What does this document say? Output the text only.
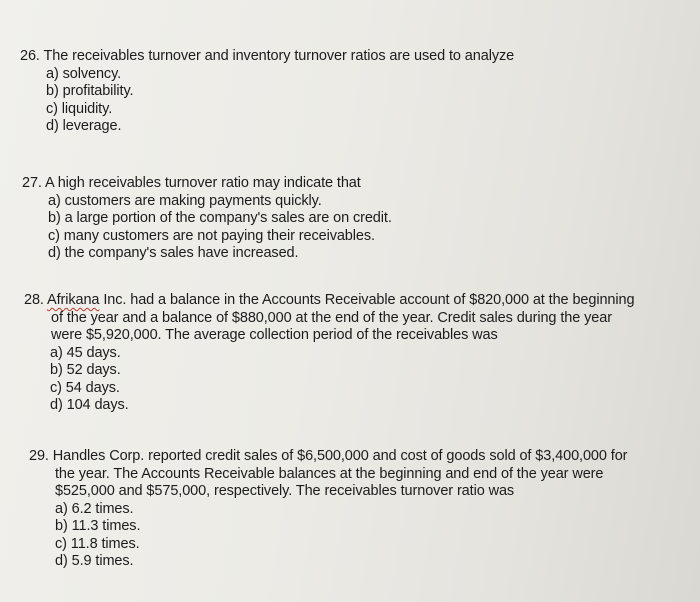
26. The receivables turnover and inventory turnover ratios are used to analyze
a) solvency.
b) profitability.
c) liquidity.
d) leverage.
27. A high receivables turnover ratio may indicate that
a) customers are making payments quickly.
b) a large portion of the company's sales are on credit.
c) many customers are not paying their receivables.
d) the company's sales have increased.
28. Afrikana Inc. had a balance in the Accounts Receivable account of $820,000 at the beginning
of the year and a balance of $880,000 at the end of the year. Credit sales during the year
were $5,920,000. The average collection period of the receivables was
a) 45 days.
b) 52 days.
c) 54 days.
d) 104 days.
29. Handles Corp. reported credit sales of $6,500,000 and cost of goods sold of $3,400,000 for
the year. The Accounts Receivable balances at the beginning and end of the year were
$525,000 and $575,000, respectively. The receivables turnover ratio was
a) 6.2 times.
b) 11.3 times.
c) 11.8 times.
d) 5.9 times.
